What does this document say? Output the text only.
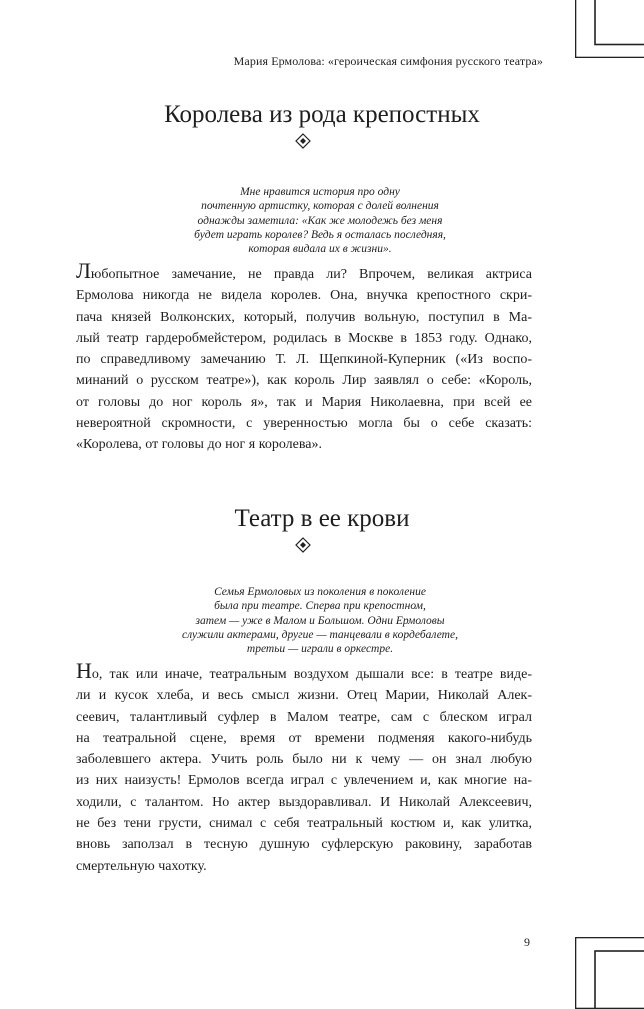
Мария Ермолова: «героическая симфония русского театра»
Королева из рода крепостных

Мне нравится история про одну

почтенную артистку, которая с долей волнения

однажды заметила: «Как же молодежь без меня

будет играть королев? Ведь я осталась последняя,

которая видала их в жизни».

Любопытное замечание, не правда ли? Впрочем, великая актриса

Ермолова никогда не видела королев. Она, внучка крепостного скри-

пача князей Волконских, который, получив вольную, поступил в Ма-

лый театр гардеробмейстером, родилась в Москве в 1853 году. Однако,

по справедливому замечанию Т. Л. Щепкиной-Куперник («Из воспо-

минаний о русском театре»), как король Лир заявлял о себе: «Король,

от головы до ног король я», так и Мария Николаевна, при всей ее

невероятной скромности, с уверенностью могла бы о себе сказать:

«Королева, от головы до ног я королева».

Театр в ее крови

Семья Ермоловых из поколения в поколение

была при театре. Сперва при крепостном,

затем — уже в Малом и Большом. Одни Ермоловы

служили актерами, другие — танцевали в кордебалете,

третьи — играли в оркестре.

Но, так или иначе, театральным воздухом дышали все: в театре виде-

ли и кусок хлеба, и весь смысл жизни. Отец Марии, Николай Алек-

сеевич, талантливый суфлер в Малом театре, сам с блеском играл

на театральной сцене, время от времени подменяя какого-нибудь

заболевшего актера. Учить роль было ни к чему — он знал любую

из них наизусть! Ермолов всегда играл с увлечением и, как многие на-

ходили, с талантом. Но актер выздоравливал. И Николай Алексеевич,

не без тени грусти, снимал с себя театральный костюм и, как улитка,

вновь заползал в тесную душную суфлерскую раковину, заработав

смертельную чахотку.

9
